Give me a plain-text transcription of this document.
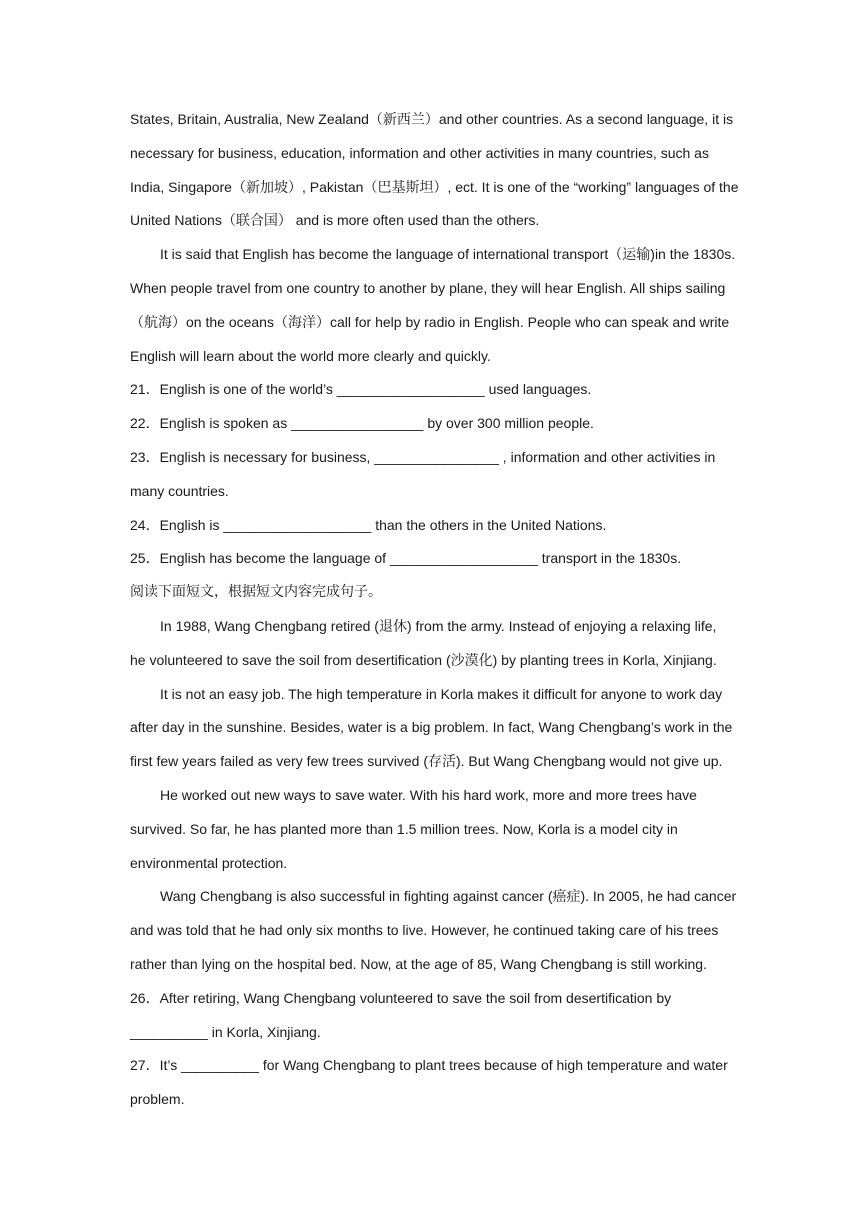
States, Britain, Australia, New Zealand（新西兰）and other countries. As a second language, it is
necessary for business, education, information and other activities in many countries, such as
India, Singapore（新加坡）, Pakistan（巴基斯坦）, ect. It is one of the “working” languages of the
United Nations（联合国） and is more often used than the others.
It is said that English has become the language of international transport（运输)in the 1830s.
When people travel from one country to another by plane, they will hear English. All ships sailing
（航海）on the oceans（海洋）call for help by radio in English. People who can speak and write
English will learn about the world more clearly and quickly.
21．English is one of the world’s ___________________ used languages.
22．English is spoken as _________________ by over 300 million people.
23．English is necessary for business, ________________ , information and other activities in
many countries.
24．English is ___________________ than the others in the United Nations.
25．English has become the language of ___________________ transport in the 1830s.
阅读下面短文，根据短文内容完成句子。
In 1988, Wang Chengbang retired (退休) from the army. Instead of enjoying a relaxing life,
he volunteered to save the soil from desertification (沙漠化) by planting trees in Korla, Xinjiang.
It is not an easy job. The high temperature in Korla makes it difficult for anyone to work day
after day in the sunshine. Besides, water is a big problem. In fact, Wang Chengbang’s work in the
first few years failed as very few trees survived (存活). But Wang Chengbang would not give up.
He worked out new ways to save water. With his hard work, more and more trees have
survived. So far, he has planted more than 1.5 million trees. Now, Korla is a model city in
environmental protection.
Wang Chengbang is also successful in fighting against cancer (癌症). In 2005, he had cancer
and was told that he had only six months to live. However, he continued taking care of his trees
rather than lying on the hospital bed. Now, at the age of 85, Wang Chengbang is still working.
26．After retiring, Wang Chengbang volunteered to save the soil from desertification by
__________ in Korla, Xinjiang.
27．It’s __________ for Wang Chengbang to plant trees because of high temperature and water
problem.
